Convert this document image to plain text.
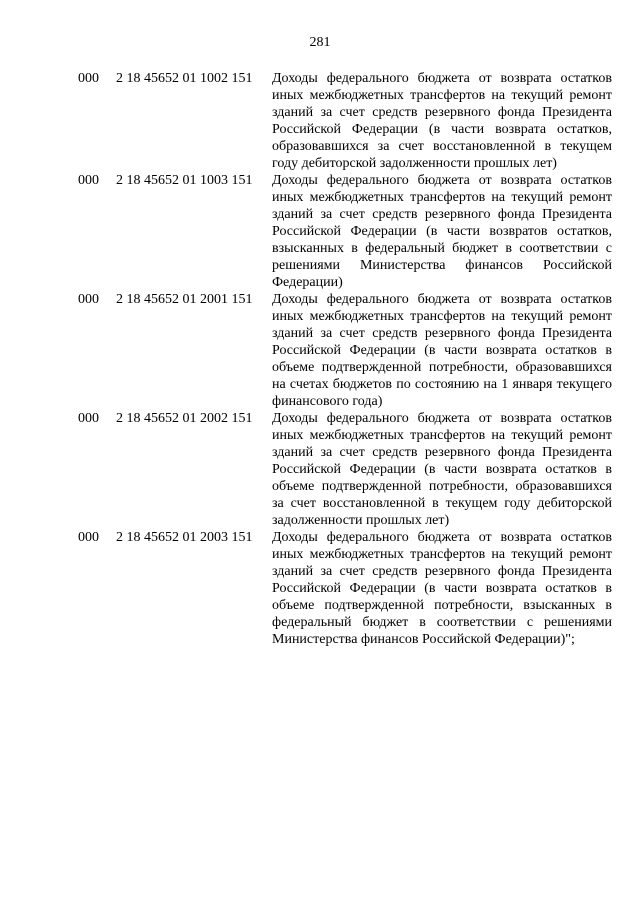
281
000	2 18 45652 01 1002 151	Доходы федерального бюджета от возврата остатков иных межбюджетных трансфертов на текущий ремонт зданий за счет средств резервного фонда Президента Российской Федерации (в части возврата остатков, образовавшихся за счет восстановленной в текущем году дебиторской задолженности прошлых лет)
000	2 18 45652 01 1003 151	Доходы федерального бюджета от возврата остатков иных межбюджетных трансфертов на текущий ремонт зданий за счет средств резервного фонда Президента Российской Федерации (в части возвратов остатков, взысканных в федеральный бюджет в соответствии с решениями Министерства финансов Российской Федерации)
000	2 18 45652 01 2001 151	Доходы федерального бюджета от возврата остатков иных межбюджетных трансфертов на текущий ремонт зданий за счет средств резервного фонда Президента Российской Федерации (в части возврата остатков в объеме подтвержденной потребности, образовавшихся на счетах бюджетов по состоянию на 1 января текущего финансового года)
000	2 18 45652 01 2002 151	Доходы федерального бюджета от возврата остатков иных межбюджетных трансфертов на текущий ремонт зданий за счет средств резервного фонда Президента Российской Федерации (в части возврата остатков в объеме подтвержденной потребности, образовавшихся за счет восстановленной в текущем году дебиторской задолженности прошлых лет)
000	2 18 45652 01 2003 151	Доходы федерального бюджета от возврата остатков иных межбюджетных трансфертов на текущий ремонт зданий за счет средств резервного фонда Президента Российской Федерации (в части возврата остатков в объеме подтвержденной потребности, взысканных в федеральный бюджет в соответствии с решениями Министерства финансов Российской Федерации)";
